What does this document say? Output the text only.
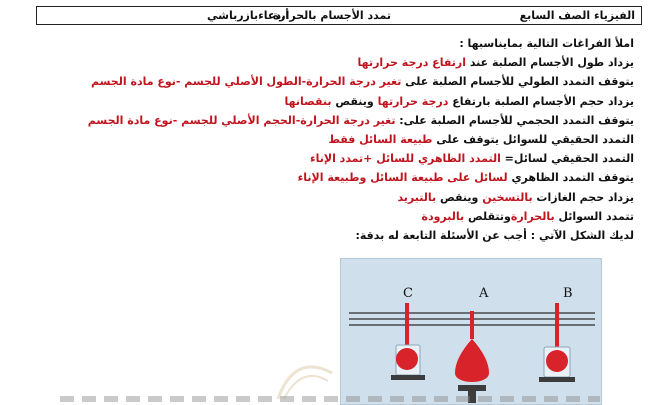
الفيزياء الصف السابع
تمدد الأجسام بالحرارة
أ.دعاءبازرباشي
املأ الفراغات التالية بمايناسبها :
يزداد طول الأجسام الصلبة عند ارتفاع درجة حرارتها
يتوقف التمدد الطولي للأجسام الصلبة على تغير درجة الحرارة-الطول الأصلي للجسم -نوع مادة الجسم
يزداد حجم الأجسام الصلبة بارتفاع درجة حرارتها وينقص بنقصانها
يتوقف التمدد الحجمي للأجسام الصلبة على: تغير درجة الحرارة-الحجم الأصلي للجسم -نوع مادة الجسم
التمدد الحقيقي للسوائل يتوقف على طبيعة السائل فقط
التمدد الحقيقي لسائل= التمدد الظاهري للسائل +تمدد الإناء
يتوقف التمدد الظاهري لسائل على طبيعة السائل وطبيعة الإناء
يزداد حجم الغازات بالتسخين وينقص بالتبريد
تتمدد السوائل بالحرارةوتتقلص بالبرودة
لديك الشكل الآتي : أجب عن الأسئلة التابعة له بدقة:
C	A	B
